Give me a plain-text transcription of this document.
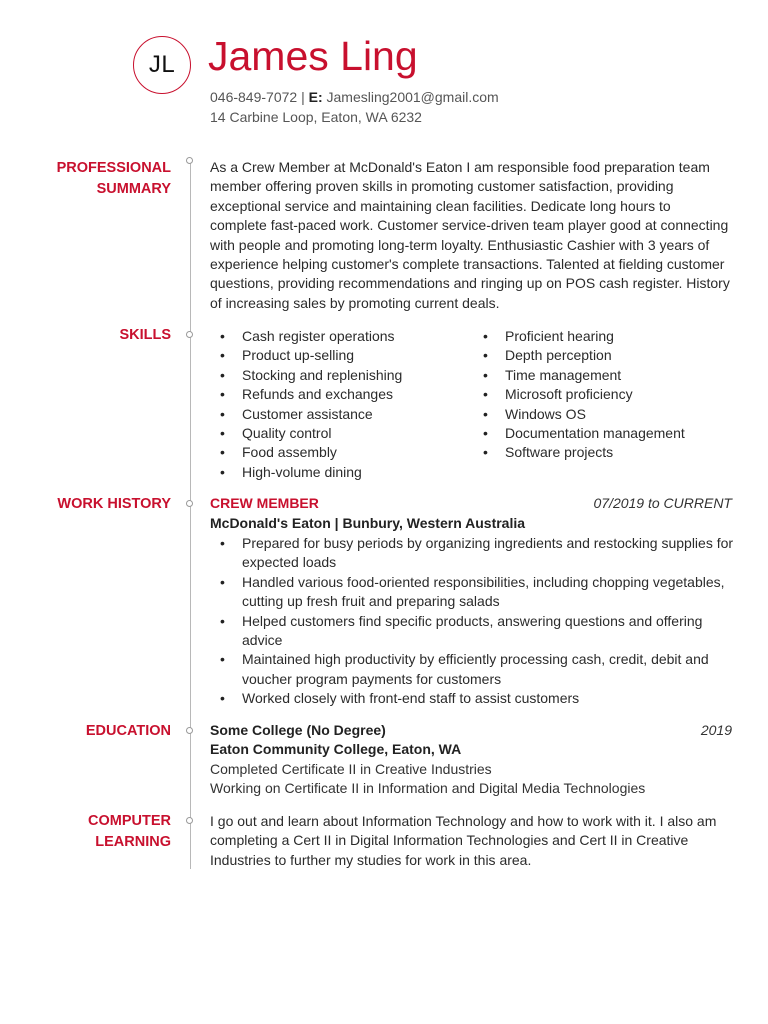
JL James Ling
046-849-7072 | E: Jamesling2001@gmail.com
14 Carbine Loop, Eaton, WA 6232
PROFESSIONAL
SUMMARY
As a Crew Member at McDonald's Eaton I am responsible food preparation team member offering proven skills in promoting customer satisfaction, providing exceptional service and maintaining clean facilities. Dedicate long hours to complete fast-paced work. Customer service-driven team player good at connecting with people and promoting long-term loyalty. Enthusiastic Cashier with 3 years of experience helping customer's complete transactions. Talented at fielding customer questions, providing recommendations and ringing up on POS cash register. History of increasing sales by promoting current deals.
SKILLS
•	Cash register operations
• Product up-selling
• Stocking and replenishing
• Refunds and exchanges
• Customer assistance
• Quality control
• Food assembly
• High-volume dining
• Proficient hearing
• Depth perception
• Time management
• Microsoft proficiency
• Windows OS
• Documentation management
• Software projects
WORK HISTORY	CREW MEMBER	07/2019 to CURRENT
McDonald's Eaton | Bunbury, Western Australia
• Prepared for busy periods by organizing ingredients and restocking supplies for expected loads
• Handled various food-oriented responsibilities, including chopping vegetables, cutting up fresh fruit and preparing salads
• Helped customers find specific products, answering questions and offering advice
• Maintained high productivity by efficiently processing cash, credit, debit and voucher program payments for customers
• Worked closely with front-end staff to assist customers
EDUCATION	Some College (No Degree)	2019
Eaton Community College, Eaton, WA
Completed Certificate II in Creative Industries
Working on Certificate II in Information and Digital Media Technologies
COMPUTER
LEARNING
I go out and learn about Information Technology and how to work with it. I also am completing a Cert II in Digital Information Technologies and Cert II in Creative Industries to further my studies for work in this area.
